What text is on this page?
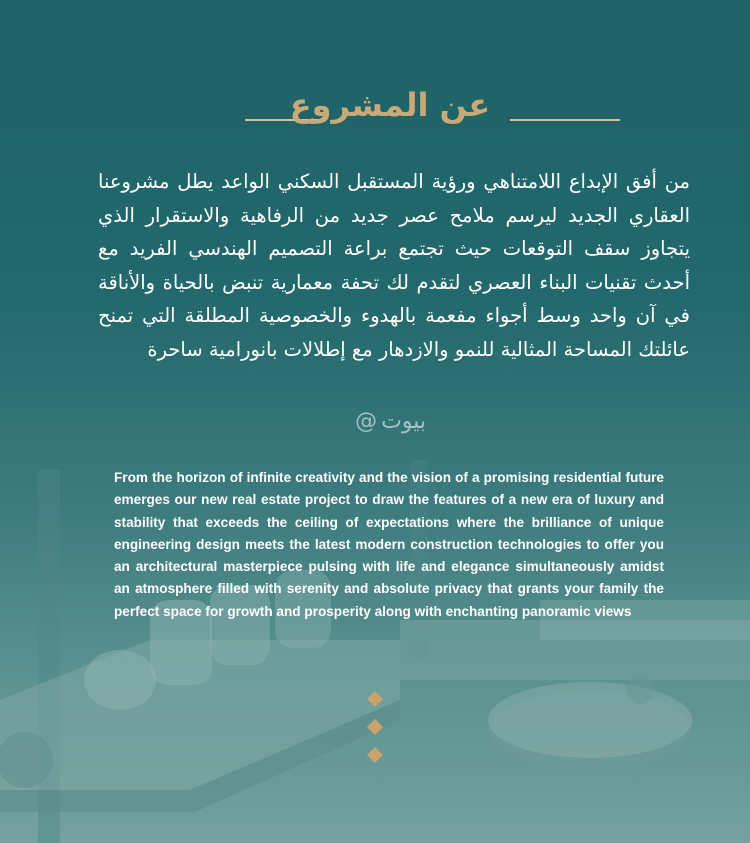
عن المشروع
من أفق الإبداع اللامتناهي ورؤية المستقبل السكني الواعد يطل مشروعنا العقاري الجديد ليرسم ملامح عصر جديد من الرفاهية والاستقرار الذي يتجاوز سقف التوقعات حيث تجتمع براعة التصميم الهندسي الفريد مع أحدث تقنيات البناء العصري لتقدم لك تحفة معمارية تنبض بالحياة والأناقة في آن واحد وسط أجواء مفعمة بالهدوء والخصوصية المطلقة التي تمنح عائلتك المساحة المثالية للنمو والازدهار مع إطلالات بانورامية ساحرة
بيوت
@
From the horizon of infinite creativity and the vision of a promising residential future emerges our new real estate project to draw the features of a new era of luxury and stability that exceeds the ceiling of expectations where the brilliance of unique engineering design meets the latest modern construction technologies to offer you an architectural masterpiece pulsing with life and elegance simultaneously amidst an atmosphere filled with serenity and absolute privacy that grants your family the perfect space for growth and prosperity along with enchanting panoramic views
